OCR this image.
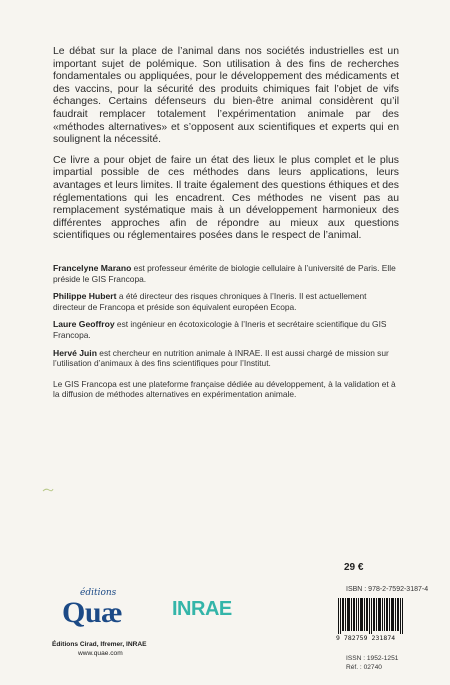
Le débat sur la place de l’animal dans nos sociétés industrielles est un important sujet de polémique. Son utilisation à des fins de recherches fondamentales ou appliquées, pour le développement des médicaments et des vaccins, pour la sécurité des produits chimiques fait l’objet de vifs échanges. Certains défenseurs du bien-être animal considèrent qu’il faudrait remplacer totalement l’expérimentation animale par des «méthodes alternatives» et s’opposent aux scientifiques et experts qui en soulignent la nécessité.

Ce livre a pour objet de faire un état des lieux le plus complet et le plus impartial possible de ces méthodes dans leurs applications, leurs avantages et leurs limites. Il traite également des questions éthiques et des réglementations qui les encadrent. Ces méthodes ne visent pas au remplacement systématique mais à un développement harmonieux des différentes approches afin de répondre au mieux aux questions scientifiques ou réglementaires posées dans le respect de l’animal.

Francelyne Marano est professeur émérite de biologie cellulaire à l’université de Paris. Elle préside le GIS Francopa.

Philippe Hubert a été directeur des risques chroniques à l’Ineris. Il est actuellement directeur de Francopa et préside son équivalent européen Ecopa.

Laure Geoffroy est ingénieur en écotoxicologie à l’Ineris et secrétaire scientifique du GIS Francopa.

Hervé Juin est chercheur en nutrition animale à INRAE. Il est aussi chargé de mission sur l’utilisation d’animaux à des fins scientifiques pour l’Institut.

Le GIS Francopa est une plateforme française dédiée au développement, à la validation et à la diffusion de méthodes alternatives en expérimentation animale.

éditions
Quæ
Éditions Cirad, Ifremer, INRAE
www.quae.com
INRAE
29 €
ISBN : 978-2-7592-3187-4
9 782759 231874
ISSN : 1952-1251
Réf. : 02740
